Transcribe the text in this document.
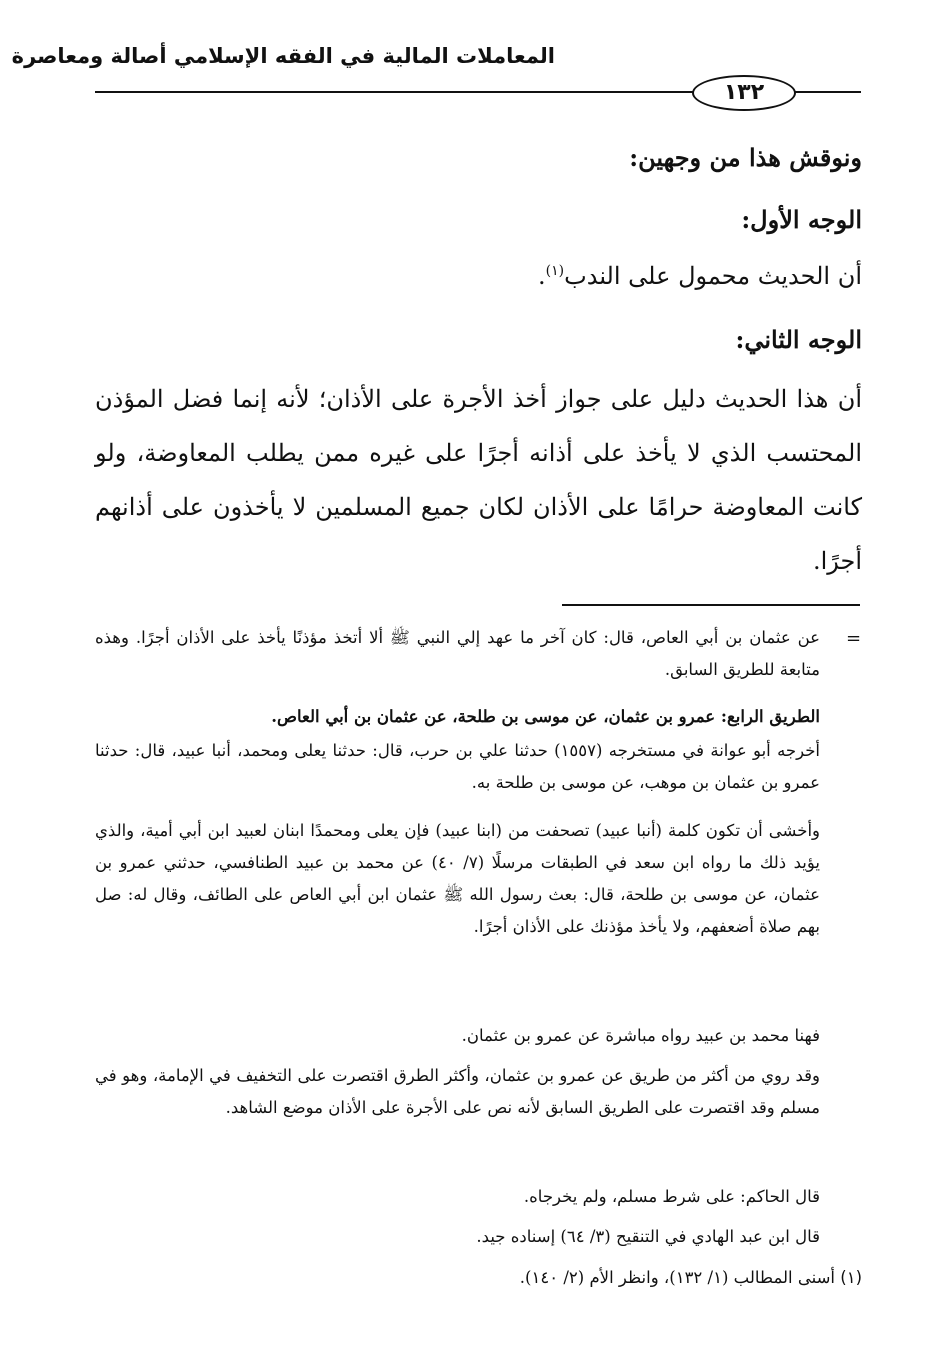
المعاملات المالية في الفقه الإسلامي أصالة ومعاصرة
١٣٢
ونوقش هذا من وجهين:
الوجه الأول:
أن الحديث محمول على الندب$^{(١)}$.
الوجه الثاني:
أن هذا الحديث دليل على جواز أخذ الأجرة على الأذان؛ لأنه إنما فضل المؤذن المحتسب الذي لا يأخذ على أذانه أجرًا على غيره ممن يطلب المعاوضة، ولو كانت المعاوضة حرامًا على الأذان لكان جميع المسلمين لا يأخذون على أذانهم أجرًا.
=
عن عثمان بن أبي العاص، قال: كان آخر ما عهد إلي النبي ﷺ ألا أتخذ مؤذنًا يأخذ على الأذان أجرًا. وهذه متابعة للطريق السابق.
الطريق الرابع: عمرو بن عثمان، عن موسى بن طلحة، عن عثمان بن أبي العاص.
أخرجه أبو عوانة في مستخرجه (١٥٥٧) حدثنا علي بن حرب، قال: حدثنا يعلى ومحمد، أنبا عبيد، قال: حدثنا عمرو بن عثمان بن موهب، عن موسى بن طلحة به.
وأخشى أن تكون كلمة (أنبا عبيد) تصحفت من (ابنا عبيد) فإن يعلى ومحمدًا ابنان لعبيد ابن أبي أمية، والذي يؤيد ذلك ما رواه ابن سعد في الطبقات مرسلًا (٧/ ٤٠) عن محمد بن عبيد الطنافسي، حدثني عمرو بن عثمان، عن موسى بن طلحة، قال: بعث رسول الله ﷺ عثمان ابن أبي العاص على الطائف، وقال له: صل بهم صلاة أضعفهم، ولا يأخذ مؤذنك على الأذان أجرًا.
فهنا محمد بن عبيد رواه مباشرة عن عمرو بن عثمان.
وقد روي من أكثر من طريق عن عمرو بن عثمان، وأكثر الطرق اقتصرت على التخفيف في الإمامة، وهو في مسلم وقد اقتصرت على الطريق السابق لأنه نص على الأجرة على الأذان موضع الشاهد.
قال الحاكم: على شرط مسلم، ولم يخرجاه.
قال ابن عبد الهادي في التنقيح (٣/ ٦٤) إسناده جيد.
(١) أسنى المطالب (١/ ١٣٢)، وانظر الأم (٢/ ١٤٠).
